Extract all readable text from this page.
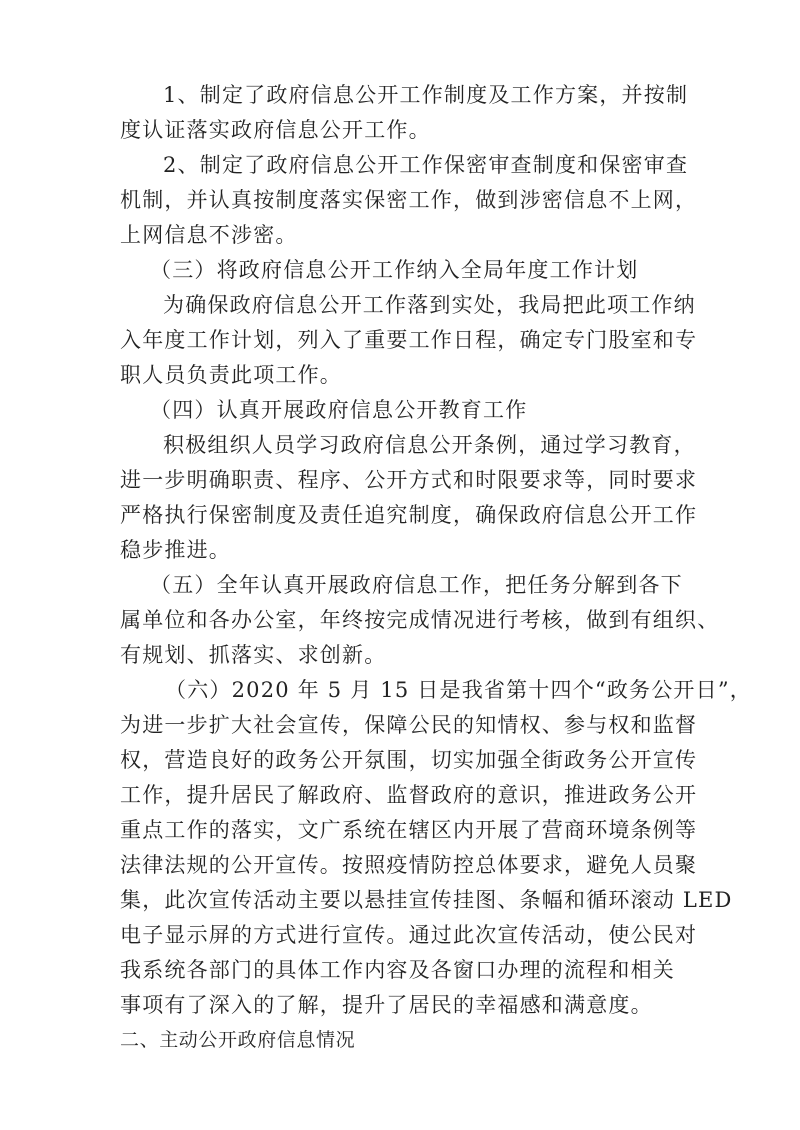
1、制定了政府信息公开工作制度及工作方案，并按制
度认证落实政府信息公开工作。
2、制定了政府信息公开工作保密审查制度和保密审查
机制，并认真按制度落实保密工作，做到涉密信息不上网，
上网信息不涉密。
（三）将政府信息公开工作纳入全局年度工作计划
为确保政府信息公开工作落到实处，我局把此项工作纳
入年度工作计划，列入了重要工作日程，确定专门股室和专
职人员负责此项工作。
（四）认真开展政府信息公开教育工作
积极组织人员学习政府信息公开条例，通过学习教育，
进一步明确职责、程序、公开方式和时限要求等，同时要求
严格执行保密制度及责任追究制度，确保政府信息公开工作
稳步推进。
（五）全年认真开展政府信息工作，把任务分解到各下
属单位和各办公室，年终按完成情况进行考核，做到有组织、
有规划、抓落实、求创新。
（六）2020 年 5 月 15 日是我省第十四个“政务公开日”，
为进一步扩大社会宣传，保障公民的知情权、参与权和监督
权，营造良好的政务公开氛围，切实加强全街政务公开宣传
工作，提升居民了解政府、监督政府的意识，推进政务公开
重点工作的落实，文广系统在辖区内开展了营商环境条例等
法律法规的公开宣传。按照疫情防控总体要求，避免人员聚
集，此次宣传活动主要以悬挂宣传挂图、条幅和循环滚动 LED
电子显示屏的方式进行宣传。通过此次宣传活动，使公民对
我系统各部门的具体工作内容及各窗口办理的流程和相关
事项有了深入的了解，提升了居民的幸福感和满意度。
二、主动公开政府信息情况
